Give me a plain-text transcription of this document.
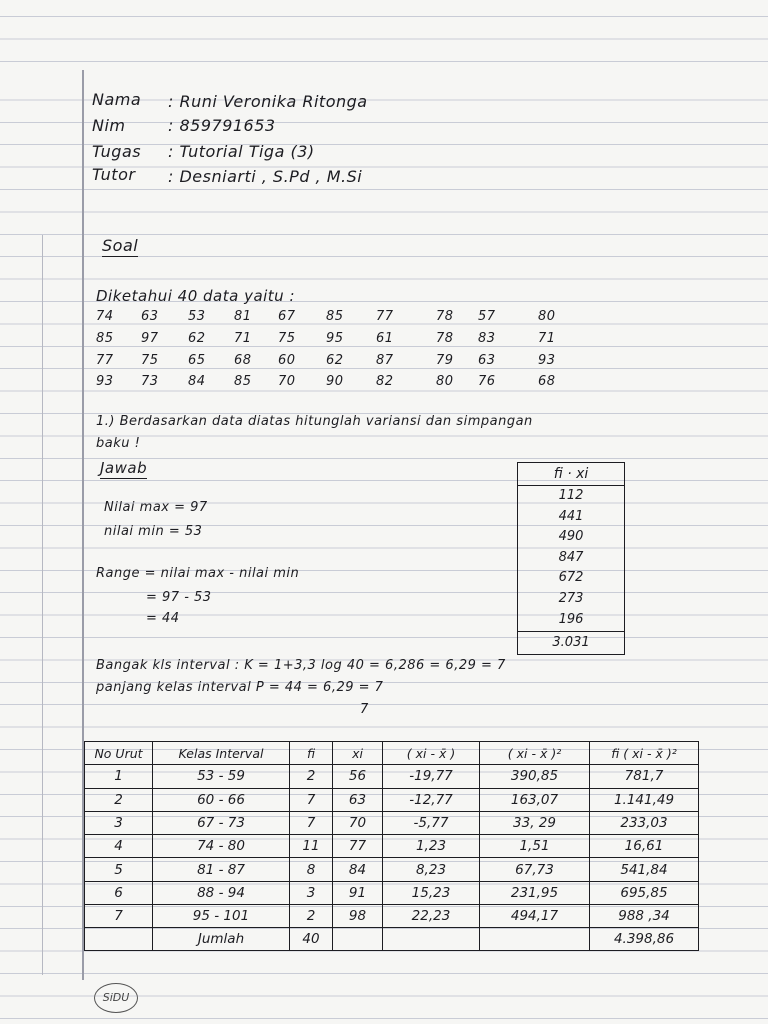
Nama : Runi Veronika Ritonga
Nim	: 859791653
Tugas : Tutorial Tiga (3)
Tutor : Desniarti , S.Pd , M.Si
Soal
Diketahui 40 data yaitu :
74 63 53 81 67 85 77	78 57	80
85 97 62 71 75 95 61	78 83	71
77 75 65 68 60 62 87	79 63	93
93 73 84 85 70 90 82	80 76	68
1.) Berdasarkan data diatas hitunglah variansi dan simpangan
baku !
Jawab
Nilai max = 97
nilai min = 53
Range = nilai max - nilai min
= 97 - 53
= 44
Bangak kls interval : K = 1+3,3 log 40 = 6,286 = 6,29 = 7
panjang kelas interval P = 44 = 6,29 = 7
7
fi · xi
112
441
490
847
672
273
196
3.031
No Urut	Kelas Interval	fi	xi	( xi - x̄ )	( xi - x̄ )²	fi ( xi - x̄ )²
1	53 - 59	2	56	-19,77	390,85	781,7
2	60 - 66	7	63	-12,77	163,07	1.141,49
3	67 - 73	7	70	-5,77	33, 29	233,03
4	74 - 80	11	77	1,23	1,51	16,61
5	81 - 87	8	84	8,23	67,73	541,84
6	88 - 94	3	91	15,23	231,95	695,85
7	95 - 101	2	98	22,23	494,17	988 ,34
	Jumlah	40				4.398,86
SiDU
